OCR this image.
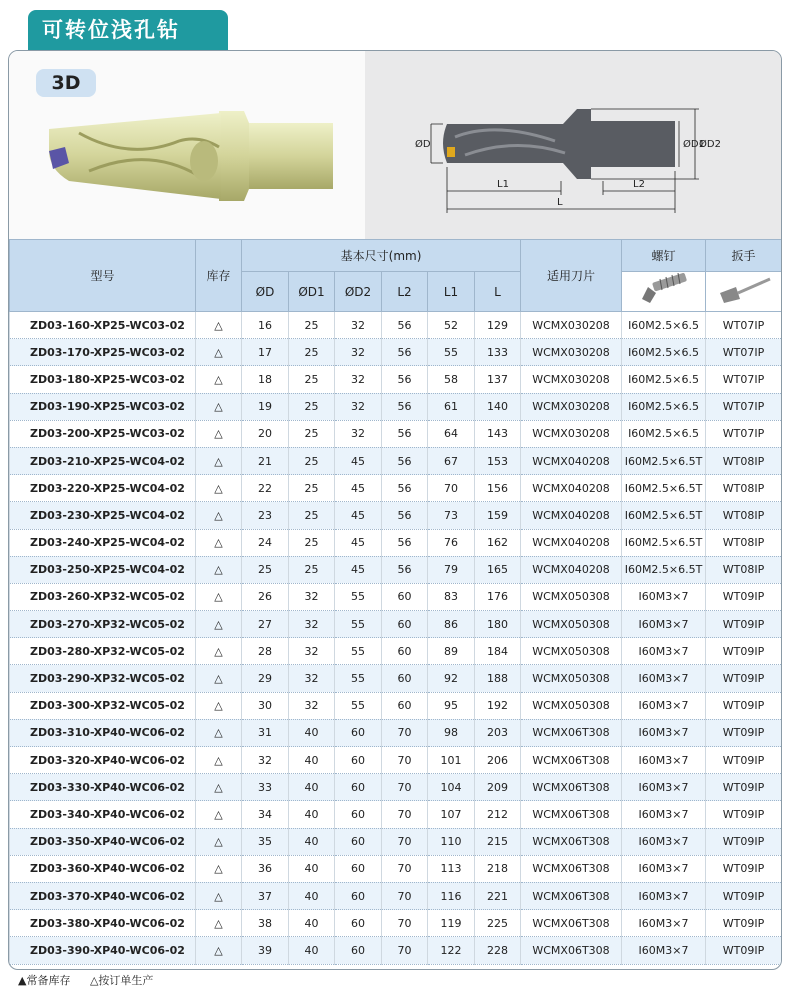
可转位浅孔钻
3D
ØD	ØD1
ØD2
L1	L2
L
型号	库存	基本尺寸(mm)						适用刀片	螺钉	扳手
		ØD	ØD1	ØD2	L2	L1	L		
ZD03-160-XP25-WC03-02	△	16	25	32	56	52	129	WCMX030208	I60M2.5×6.5	WT07IP
ZD03-170-XP25-WC03-02	△	17	25	32	56	55	133	WCMX030208	I60M2.5×6.5	WT07IP
ZD03-180-XP25-WC03-02	△	18	25	32	56	58	137	WCMX030208	I60M2.5×6.5	WT07IP
ZD03-190-XP25-WC03-02	△	19	25	32	56	61	140	WCMX030208	I60M2.5×6.5	WT07IP
ZD03-200-XP25-WC03-02	△	20	25	32	56	64	143	WCMX030208	I60M2.5×6.5	WT07IP
ZD03-210-XP25-WC04-02	△	21	25	45	56	67	153	WCMX040208	I60M2.5×6.5T	WT08IP
ZD03-220-XP25-WC04-02	△	22	25	45	56	70	156	WCMX040208	I60M2.5×6.5T	WT08IP
ZD03-230-XP25-WC04-02	△	23	25	45	56	73	159	WCMX040208	I60M2.5×6.5T	WT08IP
ZD03-240-XP25-WC04-02	△	24	25	45	56	76	162	WCMX040208	I60M2.5×6.5T	WT08IP
ZD03-250-XP25-WC04-02	△	25	25	45	56	79	165	WCMX040208	I60M2.5×6.5T	WT08IP
ZD03-260-XP32-WC05-02	△	26	32	55	60	83	176	WCMX050308	I60M3×7	WT09IP
ZD03-270-XP32-WC05-02	△	27	32	55	60	86	180	WCMX050308	I60M3×7	WT09IP
ZD03-280-XP32-WC05-02	△	28	32	55	60	89	184	WCMX050308	I60M3×7	WT09IP
ZD03-290-XP32-WC05-02	△	29	32	55	60	92	188	WCMX050308	I60M3×7	WT09IP
ZD03-300-XP32-WC05-02	△	30	32	55	60	95	192	WCMX050308	I60M3×7	WT09IP
ZD03-310-XP40-WC06-02	△	31	40	60	70	98	203	WCMX06T308	I60M3×7	WT09IP
ZD03-320-XP40-WC06-02	△	32	40	60	70	101	206	WCMX06T308	I60M3×7	WT09IP
ZD03-330-XP40-WC06-02	△	33	40	60	70	104	209	WCMX06T308	I60M3×7	WT09IP
ZD03-340-XP40-WC06-02	△	34	40	60	70	107	212	WCMX06T308	I60M3×7	WT09IP
ZD03-350-XP40-WC06-02	△	35	40	60	70	110	215	WCMX06T308	I60M3×7	WT09IP
ZD03-360-XP40-WC06-02	△	36	40	60	70	113	218	WCMX06T308	I60M3×7	WT09IP
ZD03-370-XP40-WC06-02	△	37	40	60	70	116	221	WCMX06T308	I60M3×7	WT09IP
ZD03-380-XP40-WC06-02	△	38	40	60	70	119	225	WCMX06T308	I60M3×7	WT09IP
ZD03-390-XP40-WC06-02	△	39	40	60	70	122	228	WCMX06T308	I60M3×7	WT09IP
▲常备库存 △按订单生产
